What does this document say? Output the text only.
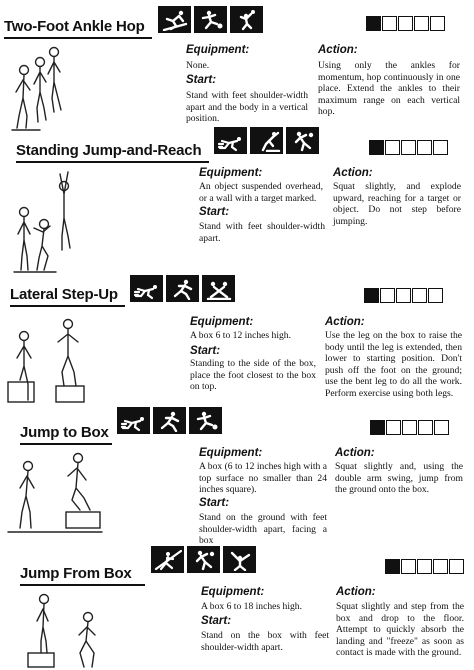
Two-Foot Ankle Hop
Equipment:
None.
Start:
Stand with feet shoulder-width apart and the body in a vertical position.
Action:
Using only the ankles for momentum, hop continuously in one place. Extend the ankles to their maximum range on each vertical hop.
Standing Jump-and-Reach
Equipment:
An object suspended overhead, or a wall with a target marked.
Start:
Stand with feet shoulder-width apart.
Action:
Squat slightly, and explode upward, reaching for a target or object. Do not step before jumping.
Lateral Step-Up
Equipment:
A box 6 to 12 inches high.
Start:
Standing to the side of the box, place the foot closest to the box on top.
Action:
Use the leg on the box to raise the body until the leg is extended, then lower to starting position. Don't push off the foot on the ground; use the bent leg to do all the work. Perform exercise using both legs.
Jump to Box
Equipment:
A box (6 to 12 inches high with a top surface no smaller than 24 inches square).
Start:
Stand on the ground with feet shoulder-width apart, facing a box
Action:
Squat slightly and, using the double arm swing, jump from the ground onto the box.
Jump From Box
Equipment:
A box 6 to 18 inches high.
Start:
Stand on the box with feet shoulder-width apart.
Action:
Squat slightly and step from the box and drop to the floor. Attempt to quickly absorb the landing and "freeze" as soon as contact is made with the ground.
